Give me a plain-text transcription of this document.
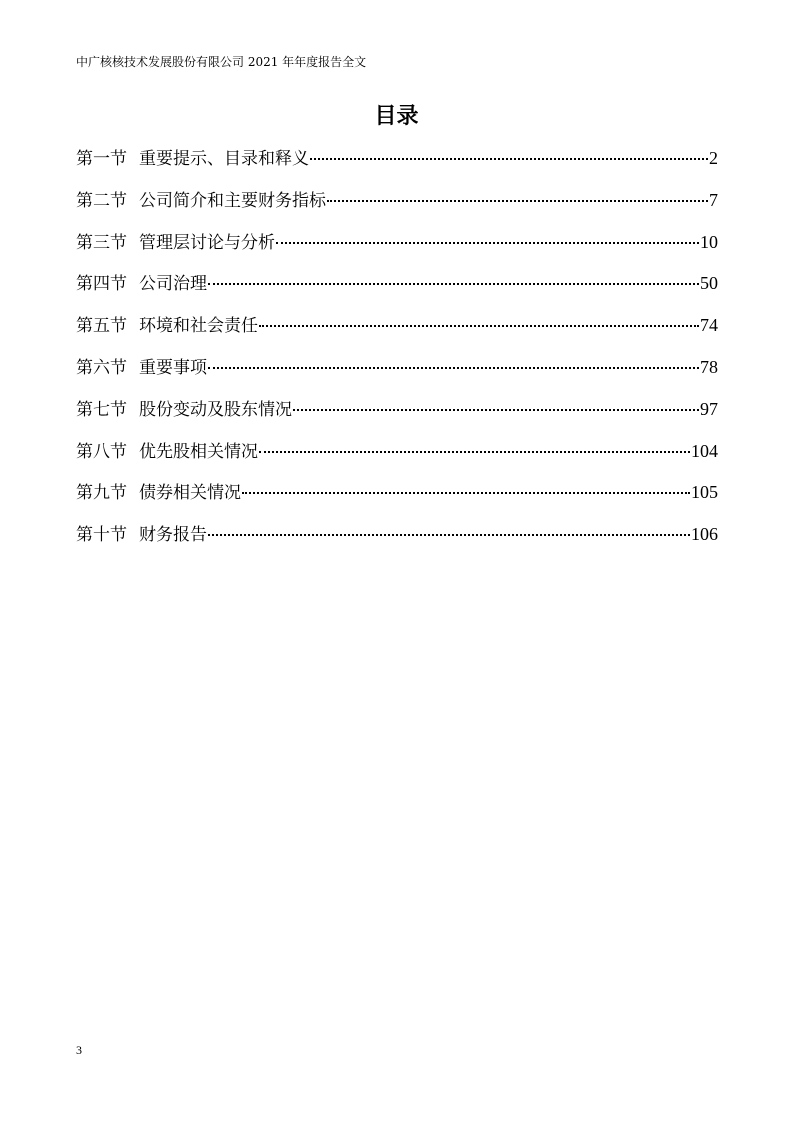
中广核核技术发展股份有限公司 2021 年年度报告全文
目录
第一节 重要提示、目录和释义	2
第二节 公司简介和主要财务指标	7
第三节 管理层讨论与分析	10
第四节 公司治理	50
第五节 环境和社会责任	74
第六节 重要事项	78
第七节 股份变动及股东情况	97
第八节 优先股相关情况	104
第九节 债券相关情况	105
第十节 财务报告	106
3
